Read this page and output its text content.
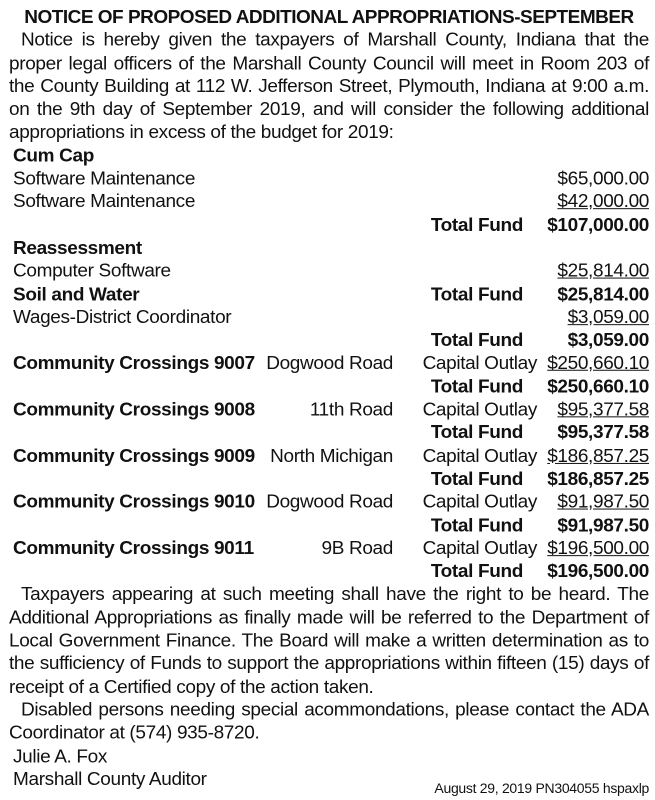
NOTICE OF PROPOSED ADDITIONAL APPROPRIATIONS-SEPTEMBER

Notice is hereby given the taxpayers of Marshall County, Indiana that the proper legal officers of the Marshall County Council will meet in Room 203 of the County Building at 112 W. Jefferson Street, Plymouth, Indiana at 9:00 a.m. on the 9th day of September 2019, and will consider the following additional appropriations in excess of the budget for 2019:

Cum Cap
Software Maintenance	$65,000.00
Software Maintenance	$42,000.00
Total Fund	$107,000.00
Reassessment
Computer Software	$25,814.00
Soil and Water	Total Fund	$25,814.00
Wages-District Coordinator	$3,059.00
Total Fund	$3,059.00
Community Crossings 9007 Dogwood Road	Capital Outlay $250,660.10
Total Fund	$250,660.10
Community Crossings 9008	11th Road	Capital Outlay	$95,377.58
Total Fund	$95,377.58
Community Crossings 9009 North Michigan	Capital Outlay $186,857.25
Total Fund	$186,857.25
Community Crossings 9010 Dogwood Road	Capital Outlay	$91,987.50
Total Fund	$91,987.50
Community Crossings 9011	9B Road	Capital Outlay $196,500.00
Total Fund	$196,500.00

Taxpayers appearing at such meeting shall have the right to be heard. The Additional Appropriations as finally made will be referred to the Department of Local Government Finance. The Board will make a written determination as to the sufficiency of Funds to support the appropriations within fifteen (15) days of receipt of a Certified copy of the action taken.

Disabled persons needing special acommondations, please contact the ADA Coordinator at (574) 935-8720.

Julie A. Fox

Marshall County Auditor	August 29, 2019 PN304055 hspaxlp
